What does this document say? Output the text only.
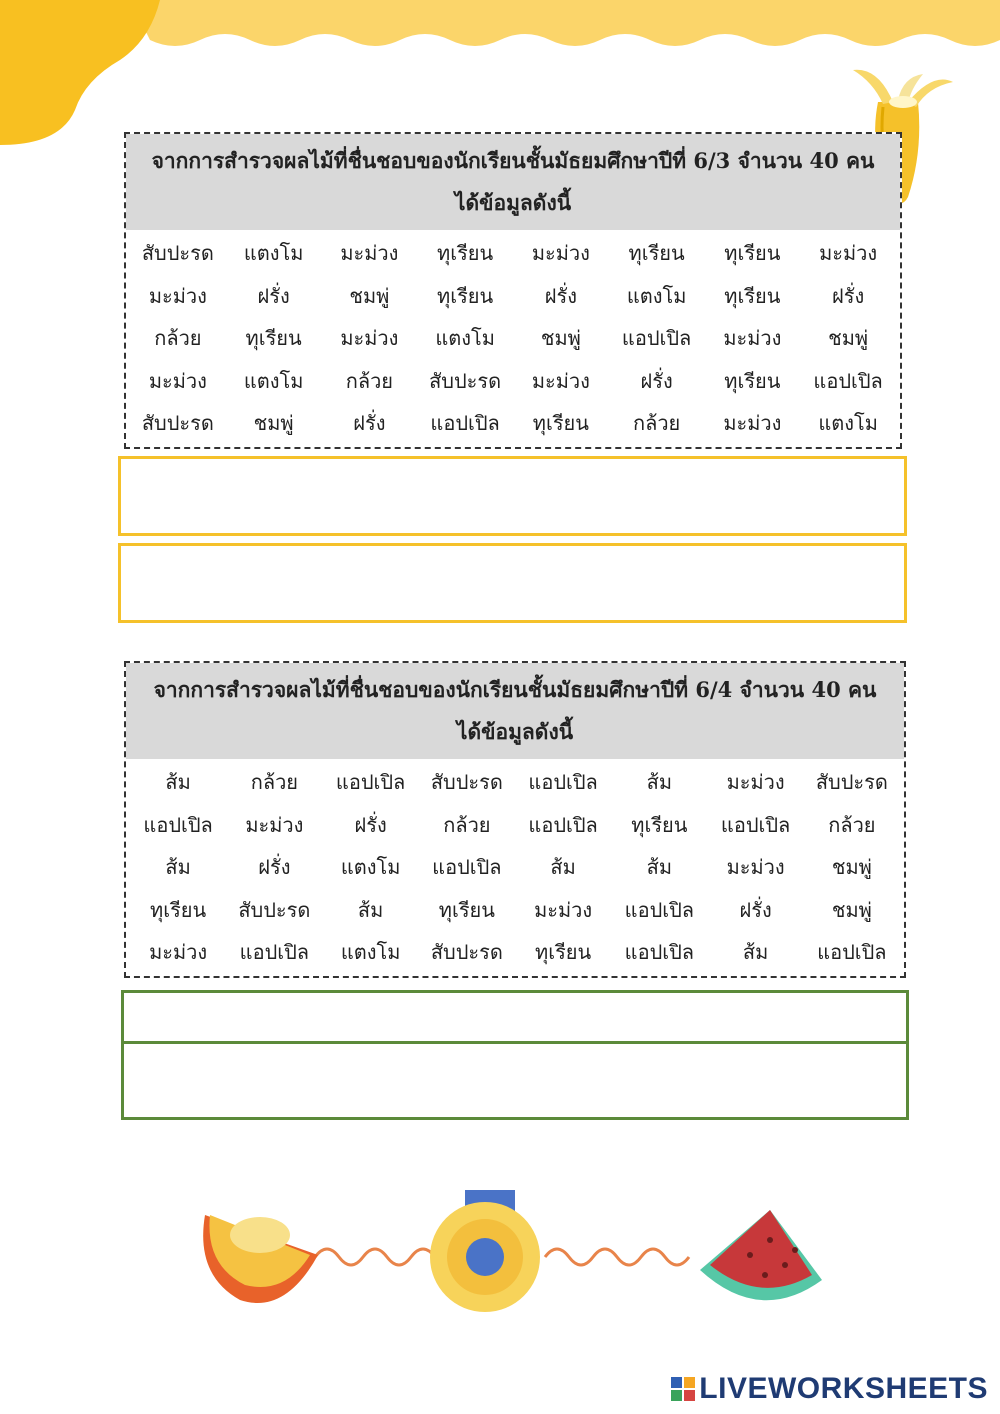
จากการสำรวจผลไม้ที่ชื่นชอบของนักเรียนชั้นมัธยมศึกษาปีที่ 6/3 จำนวน 40 คน
ได้ข้อมูลดังนี้
สับปะรด	แตงโม	มะม่วง	ทุเรียน	มะม่วง	ทุเรียน	ทุเรียน	มะม่วง
มะม่วง	ฝรั่ง	ชมพู่	ทุเรียน	ฝรั่ง	แตงโม	ทุเรียน	ฝรั่ง
กล้วย	ทุเรียน	มะม่วง	แตงโม	ชมพู่	แอปเปิล	มะม่วง	ชมพู่
มะม่วง	แตงโม	กล้วย	สับปะรด	มะม่วง	ฝรั่ง	ทุเรียน	แอปเปิล
สับปะรด	ชมพู่	ฝรั่ง	แอปเปิล	ทุเรียน	กล้วย	มะม่วง	แตงโม
จากการสำรวจผลไม้ที่ชื่นชอบของนักเรียนชั้นมัธยมศึกษาปีที่ 6/4 จำนวน 40 คน
ได้ข้อมูลดังนี้
ส้ม	กล้วย	แอปเปิล	สับปะรด	แอปเปิล	ส้ม	มะม่วง	สับปะรด
แอปเปิล	มะม่วง	ฝรั่ง	กล้วย	แอปเปิล	ทุเรียน	แอปเปิล	กล้วย
ส้ม	ฝรั่ง	แตงโม	แอปเปิล	ส้ม	ส้ม	มะม่วง	ชมพู่
ทุเรียน	สับปะรด	ส้ม	ทุเรียน	มะม่วง	แอปเปิล	ฝรั่ง	ชมพู่
มะม่วง	แอปเปิล	แตงโม	สับปะรด	ทุเรียน	แอปเปิล	ส้ม	แอปเปิล
LIVEWORKSHEETS
